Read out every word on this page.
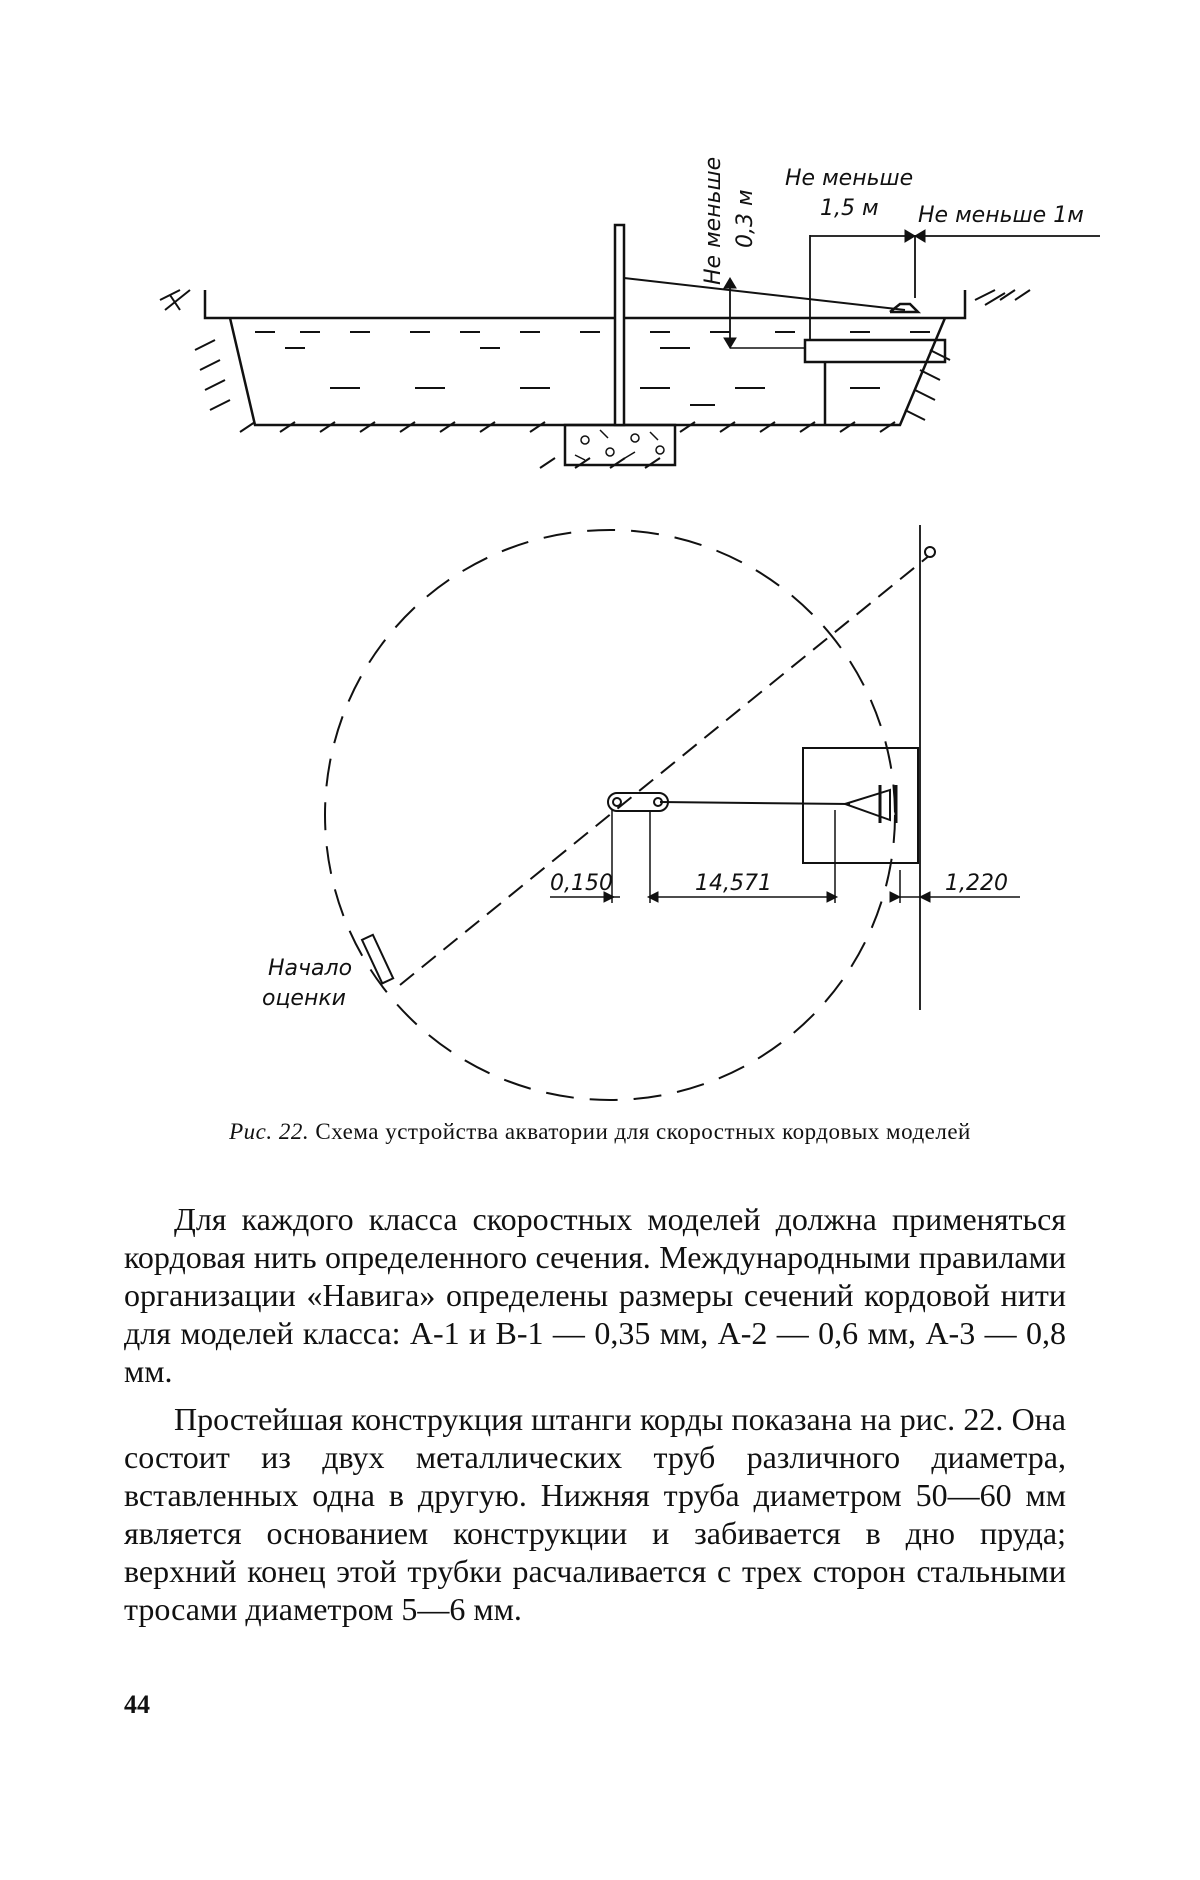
Не меньше
1,5 м Не меньше 1м
Не меньше 0,3 м
0,150	14,571	1,220
Начало
оценки
Рис. 22. Схема устройства акватории для скоростных кордовых моделей

Для каждого класса скоростных моделей должна применяться кордовая нить определенного сечения. Международными правилами организации «Навига» определены размеры сечений кордовой нити для моделей класса: А-1 и В-1 — 0,35 мм, А-2 — 0,6 мм, А-3 — 0,8 мм.

Простейшая конструкция штанги корды показана на рис. 22. Она состоит из двух металлических труб различного диаметра, вставленных одна в другую. Нижняя труба диаметром 50—60 мм является основанием конструкции и забивается в дно пруда; верхний конец этой трубки расчаливается с трех сторон стальными тросами диаметром 5—6 мм.

44
